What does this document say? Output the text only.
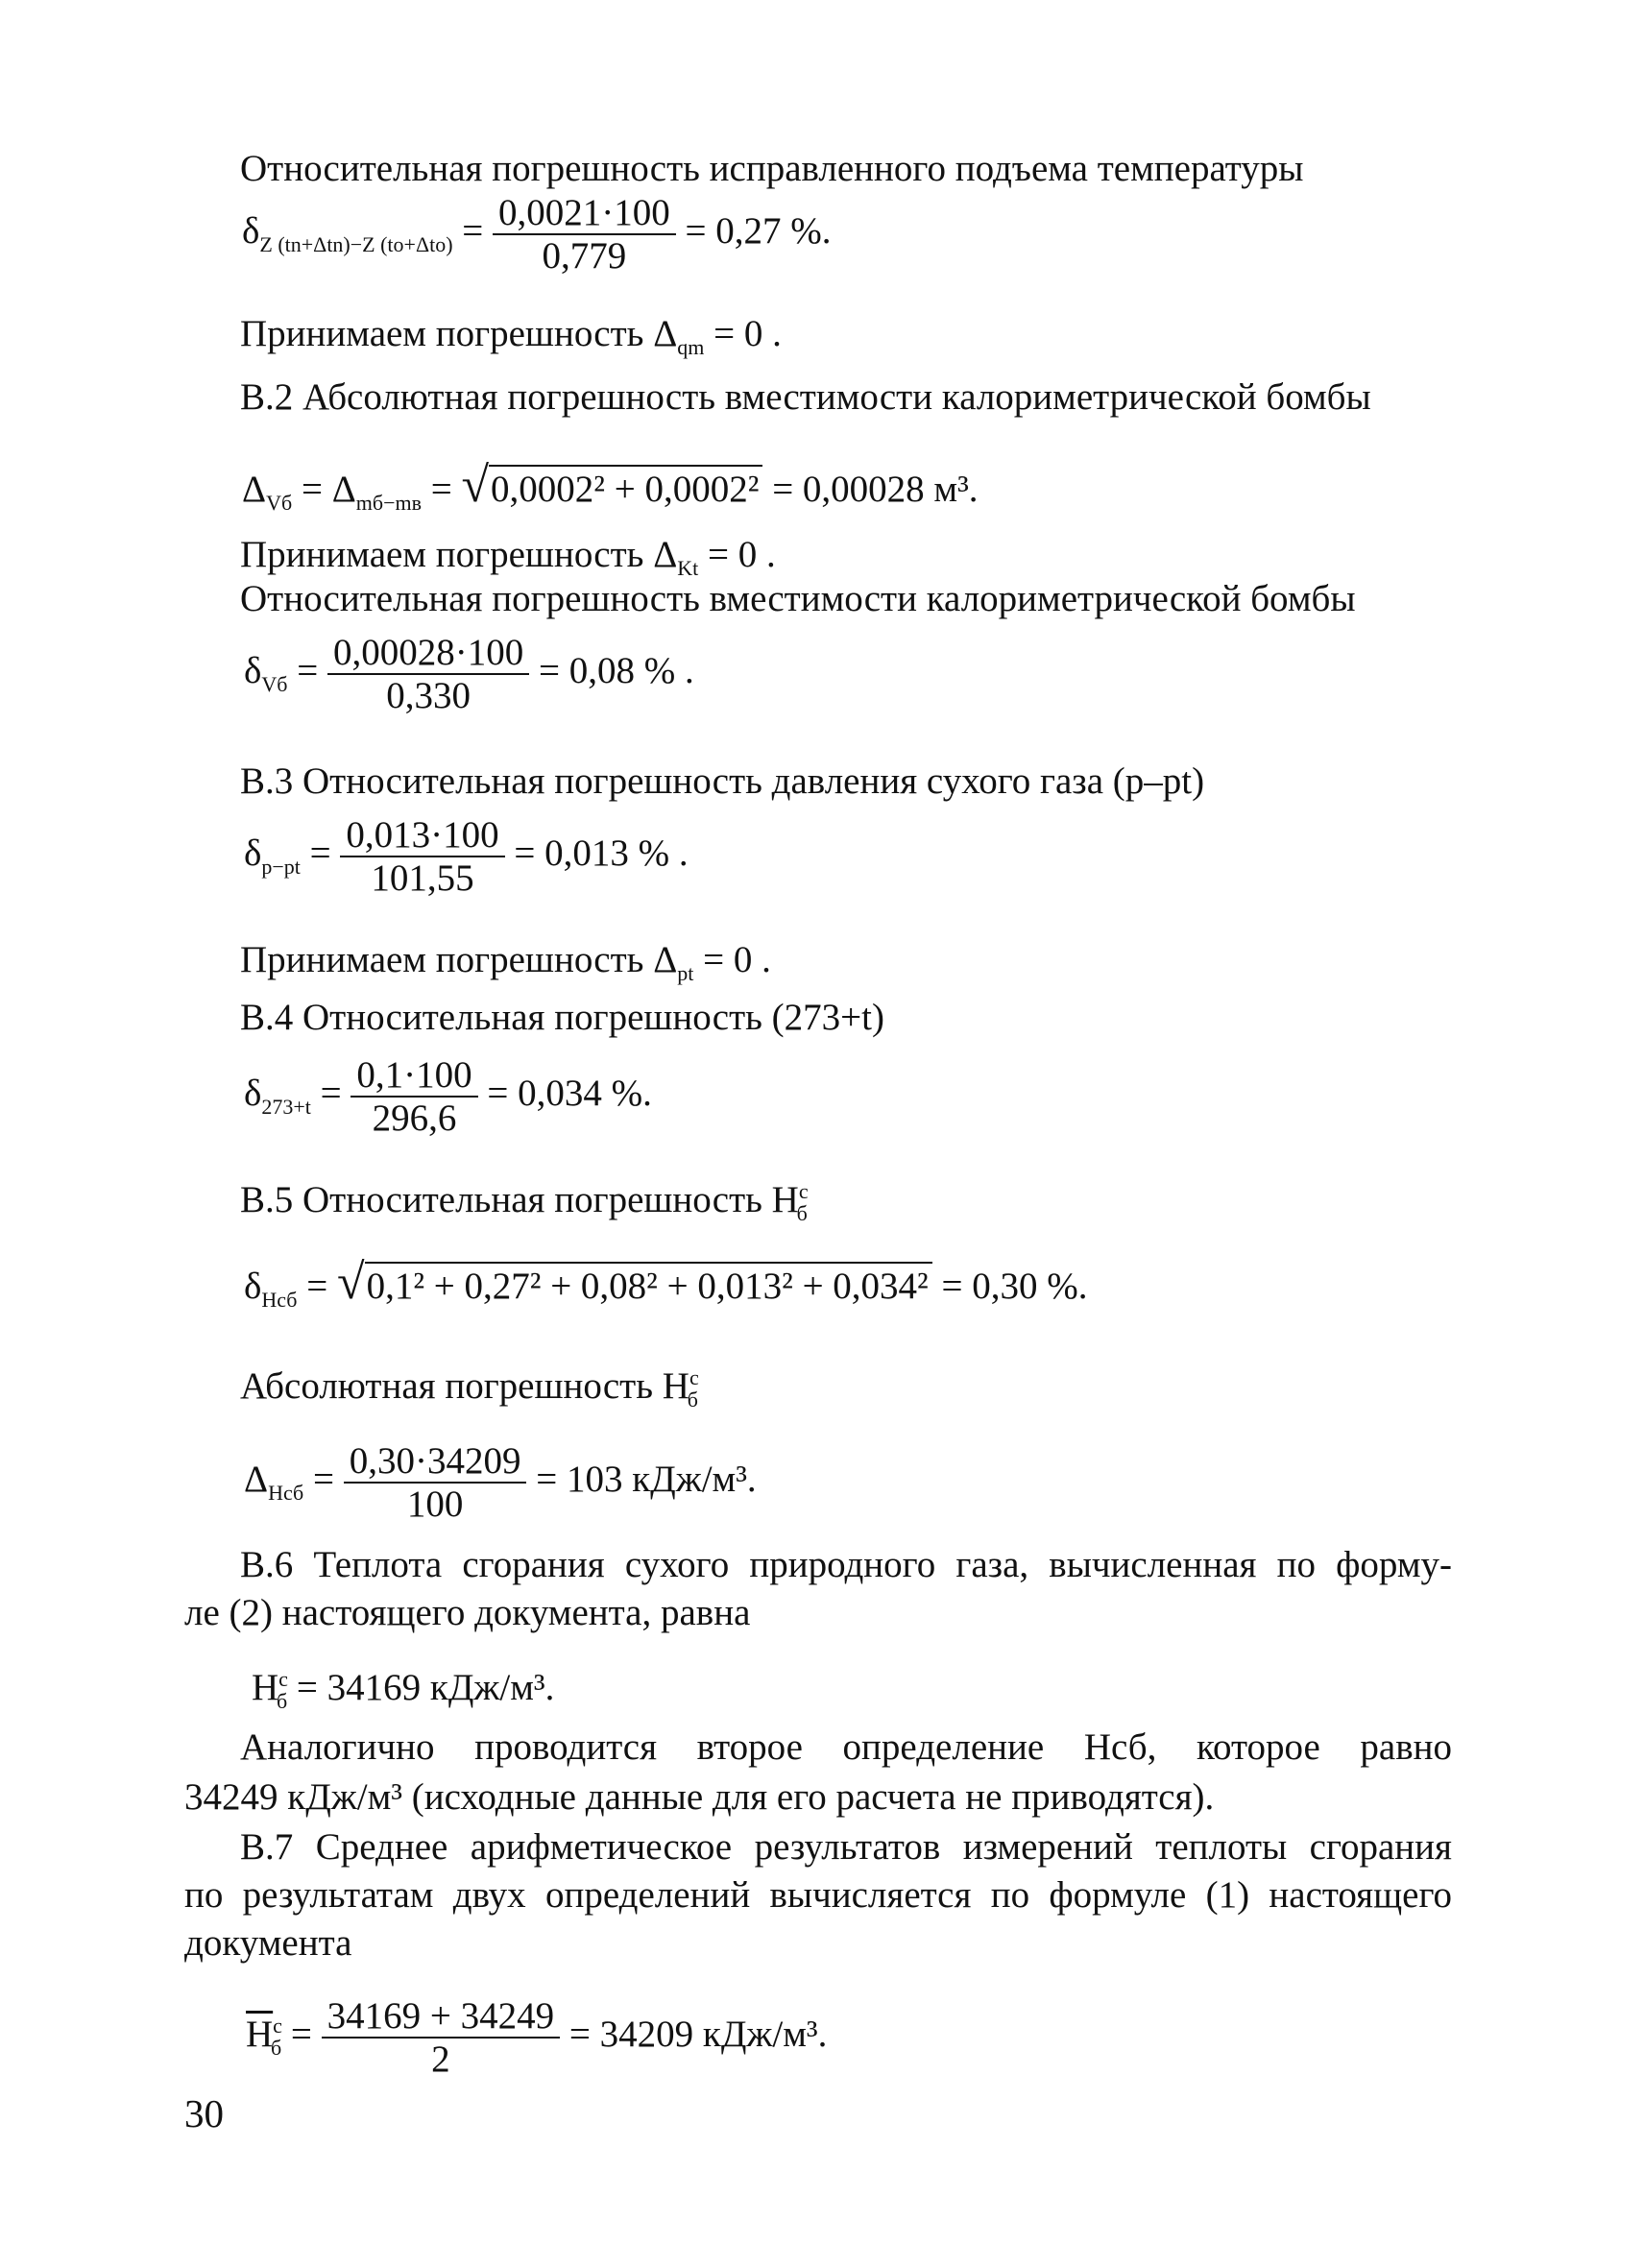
Относительная погрешность исправленного подъема температуры
$\delta_{Z (tn+\Delta tn)-Z (to+\Delta to)} = \frac{0,0021\cdot 100}{0,779} = 0,27$ %.
Принимаем погрешность $\Delta_{qm} = 0$ .
В.2 Абсолютная погрешность вместимости калориметрической бомбы
$\Delta_{Vб} = \Delta_{mб-mв} = √0,0002^2 + 0,0002^2 = 0,00028$ м³.
Принимаем погрешность $\Delta_{Kt} = 0$ .
Относительная погрешность вместимости калориметрической бомбы
$\delta_{Vб} = \frac{0,00028\cdot 100}{0,330} = 0,08$ % .
В.3 Относительная погрешность давления сухого газа (p–pt)
$\delta_{p-pt} = \frac{0,013\cdot 100}{101,55} = 0,013$ % .
Принимаем погрешность $\Delta_{pt} = 0$ .
В.4 Относительная погрешность (273+t)
$\delta_{273+t} = \frac{0,1\cdot 100}{296,6} = 0,034$ %.
В.5 Относительная погрешность $H^с_б$
$\delta_{Hсб} = √0,1^2 + 0,27^2 + 0,08^2 + 0,013^2 + 0,034^2 = 0,30$ %.
Абсолютная погрешность $H^с_б$
$\Delta_{Hсб} = \frac{0,30\cdot 34209}{100} = 103$ кДж/м³.
В.6 Теплота сгорания сухого природного газа, вычисленная по форму-
ле (2) настоящего документа, равна
$H^с_б = 34169$ кДж/м³.
Аналогично проводится второе определение Hсб, которое равно
34249 кДж/м³ (исходные данные для его расчета не приводятся).
В.7 Среднее арифметическое результатов измерений теплоты сгорания
по результатам двух определений вычисляется по формуле (1) настоящего
документа
$\overline{H}^с_б = \frac{34169 + 34249}{2} = 34209$ кДж/м³.
30
